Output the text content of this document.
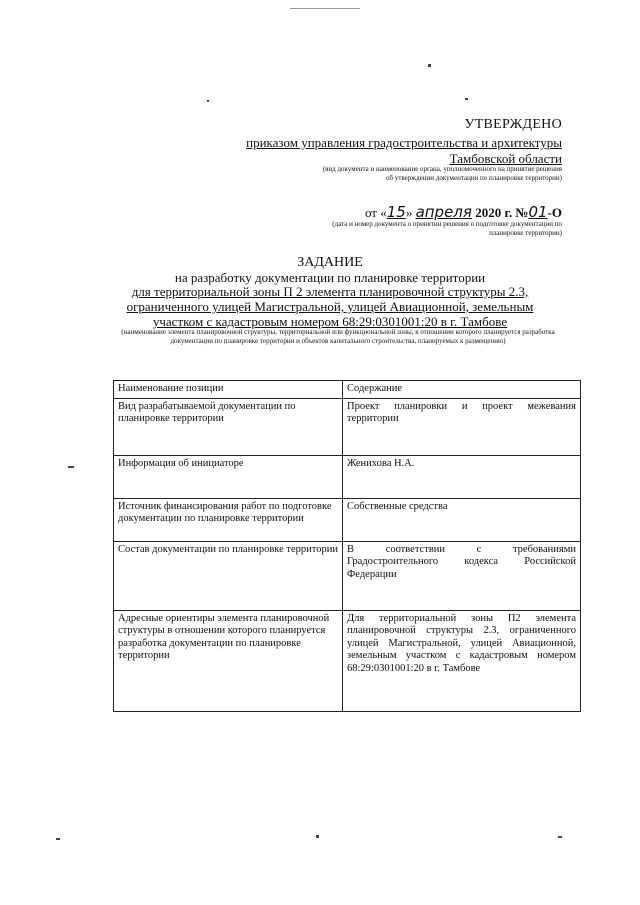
УТВЕРЖДЕНО
приказом управления градостроительства и архитектуры
Тамбовской области
(вид документа и наименование органа, уполномоченного на принятие решения об утверждении документации по планировке территории)
от «15» апреля 2020 г. №01-О
(дата и номер документа о принятии решения о подготовке документации по планировке территории)
ЗАДАНИЕ
на разработку документации по планировке территории
для территориальной зоны П 2 элемента планировочной структуры 2.3, ограниченного улицей Магистральной, улицей Авиационной, земельным участком с кадастровым номером 68:29:0301001:20 в г. Тамбове
(наименование элемента планировочной структуры, территориальной или функциональной зоны, в отношении которого планируется разработка документации по планировке территории и объектов капитального строительства, планируемых к размещению)
Наименование позиции	Содержание
Вид разрабатываемой документации по планировке территории	Проект планировки и проект межевания территории
Информация об инициаторе	Женихова Н.А.
Источник финансирования работ по подготовке документации по планировке территории	Собственные средства
Состав документации по планировке территории	В соответствии с требованиями Градостроительного кодекса Российской Федерации
Адресные ориентиры элемента планировочной структуры в отношении которого планируется разработка документации по планировке территории	Для территориальной зоны П2 элемента планировочной структуры 2.3, ограниченного улицей Магистральной, улицей Авиационной, земельным участком с кадастровым номером 68:29:0301001:20 в г. Тамбове
